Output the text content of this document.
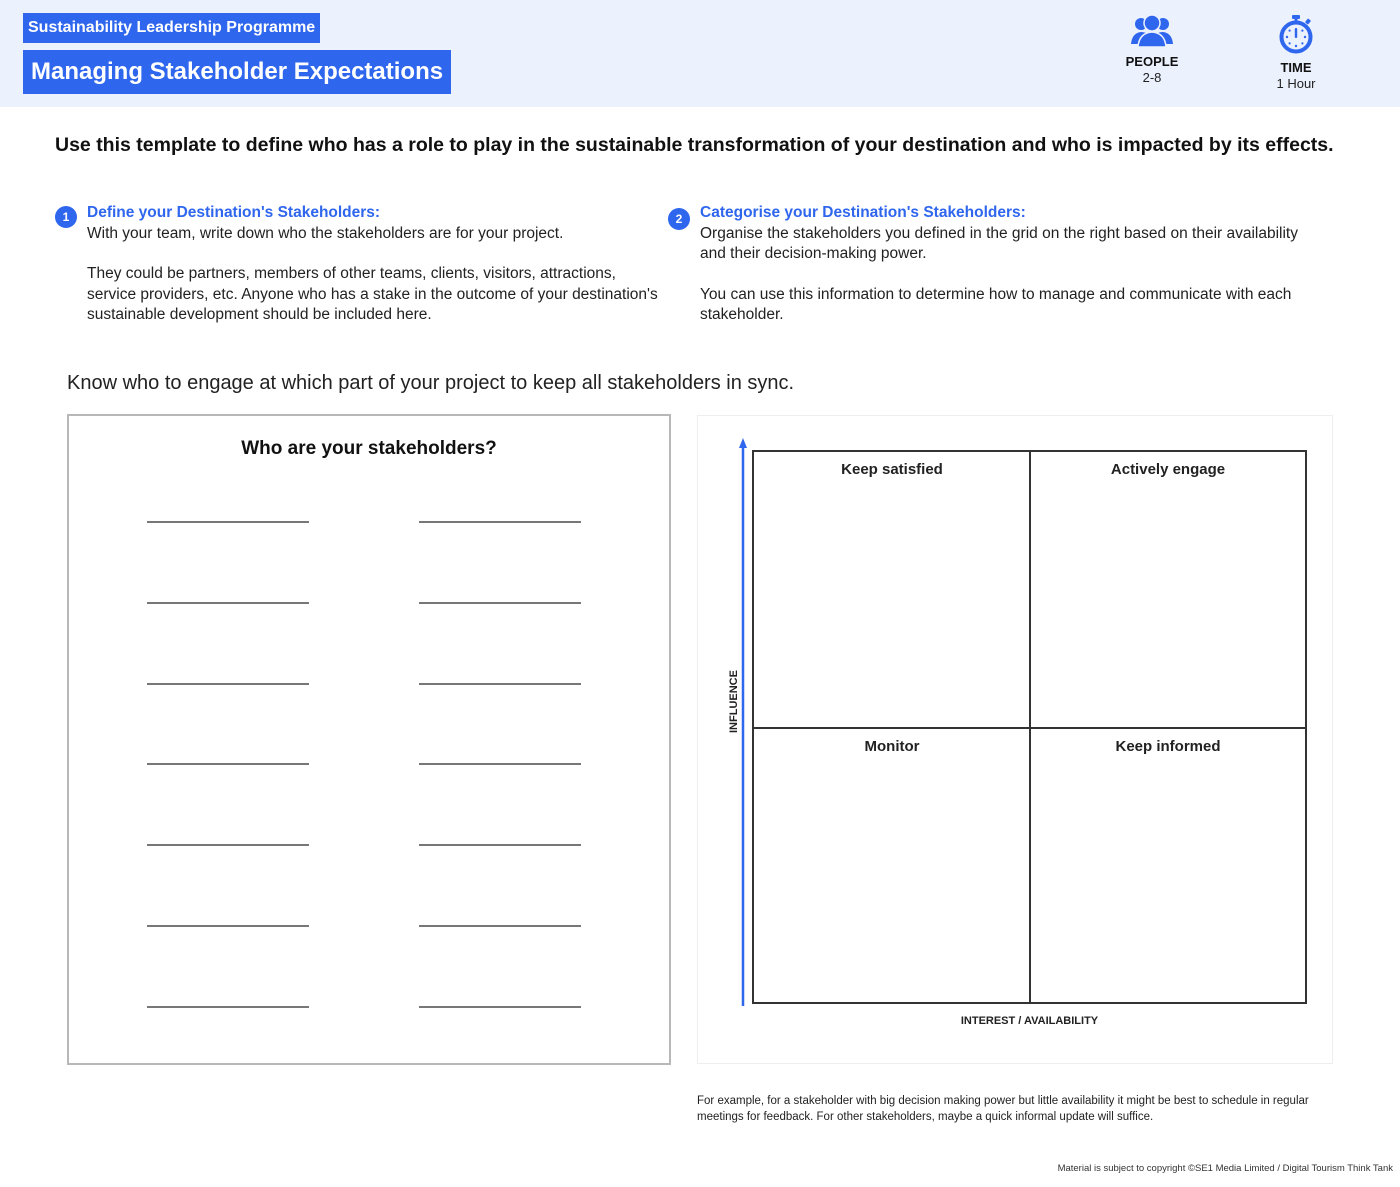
Sustainability Leadership Programme
Managing Stakeholder Expectations	PEOPLE
2-8
TIME
1 Hour
Use this template to define who has a role to play in the sustainable transformation of your destination and who is impacted by its effects.
1	Define your Destination's Stakeholders:

With your team, write down who the stakeholders are for your project.

They could be partners, members of other teams, clients, visitors, attractions, service providers, etc. Anyone who has a stake in the outcome of your destination's sustainable development should be included here.

2	Categorise your Destination's Stakeholders:

Organise the stakeholders you defined in the grid on the right based on their availability and their decision-making power.

You can use this information to determine how to manage and communicate with each stakeholder.

Know who to engage at which part of your project to keep all stakeholders in sync.
Who are your stakeholders?
INFLUENCE
Keep satisfied	Actively engage
Monitor	Keep informed
INTEREST / AVAILABILITY
For example, for a stakeholder with big decision making power but little availability it might be best to schedule in regular meetings for feedback. For other stakeholders, maybe a quick informal update will suffice.
Material is subject to copyright ©SE1 Media Limited / Digital Tourism Think Tank
